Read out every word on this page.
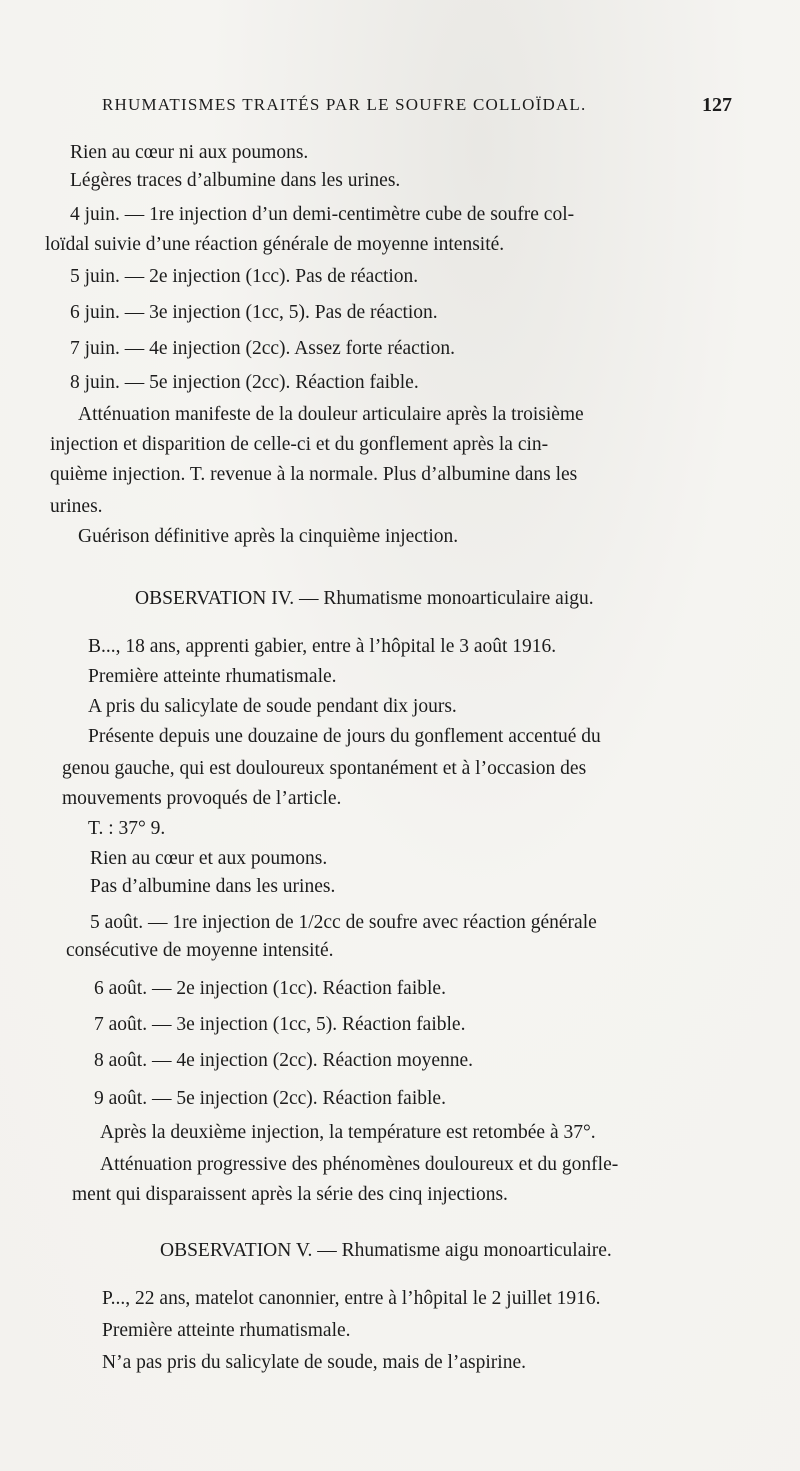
RHUMATISMES TRAITÉS PAR LE SOUFRE COLLOÏDAL.	127
Rien au cœur ni aux poumons.
Légères traces d’albumine dans les urines.
4 juin. — 1re injection d’un demi-centimètre cube de soufre col-
loïdal suivie d’une réaction générale de moyenne intensité.
5 juin. — 2e injection (1cc). Pas de réaction.
6 juin. — 3e injection (1cc, 5). Pas de réaction.
7 juin. — 4e injection (2cc). Assez forte réaction.
8 juin. — 5e injection (2cc). Réaction faible.
Atténuation manifeste de la douleur articulaire après la troisième
injection et disparition de celle-ci et du gonflement après la cin-
quième injection. T. revenue à la normale. Plus d’albumine dans les
urines.
Guérison définitive après la cinquième injection.
OBSERVATION IV. — Rhumatisme monoarticulaire aigu.
B..., 18 ans, apprenti gabier, entre à l’hôpital le 3 août 1916.
Première atteinte rhumatismale.
A pris du salicylate de soude pendant dix jours.
Présente depuis une douzaine de jours du gonflement accentué du
genou gauche, qui est douloureux spontanément et à l’occasion des
mouvements provoqués de l’article.
T. : 37° 9.
Rien au cœur et aux poumons.
Pas d’albumine dans les urines.
5 août. — 1re injection de 1/2cc de soufre avec réaction générale
consécutive de moyenne intensité.
6 août. — 2e injection (1cc). Réaction faible.
7 août. — 3e injection (1cc, 5). Réaction faible.
8 août. — 4e injection (2cc). Réaction moyenne.
9 août. — 5e injection (2cc). Réaction faible.
Après la deuxième injection, la température est retombée à 37°.
Atténuation progressive des phénomènes douloureux et du gonfle-
ment qui disparaissent après la série des cinq injections.
OBSERVATION V. — Rhumatisme aigu monoarticulaire.
P..., 22 ans, matelot canonnier, entre à l’hôpital le 2 juillet 1916.
Première atteinte rhumatismale.
N’a pas pris du salicylate de soude, mais de l’aspirine.
